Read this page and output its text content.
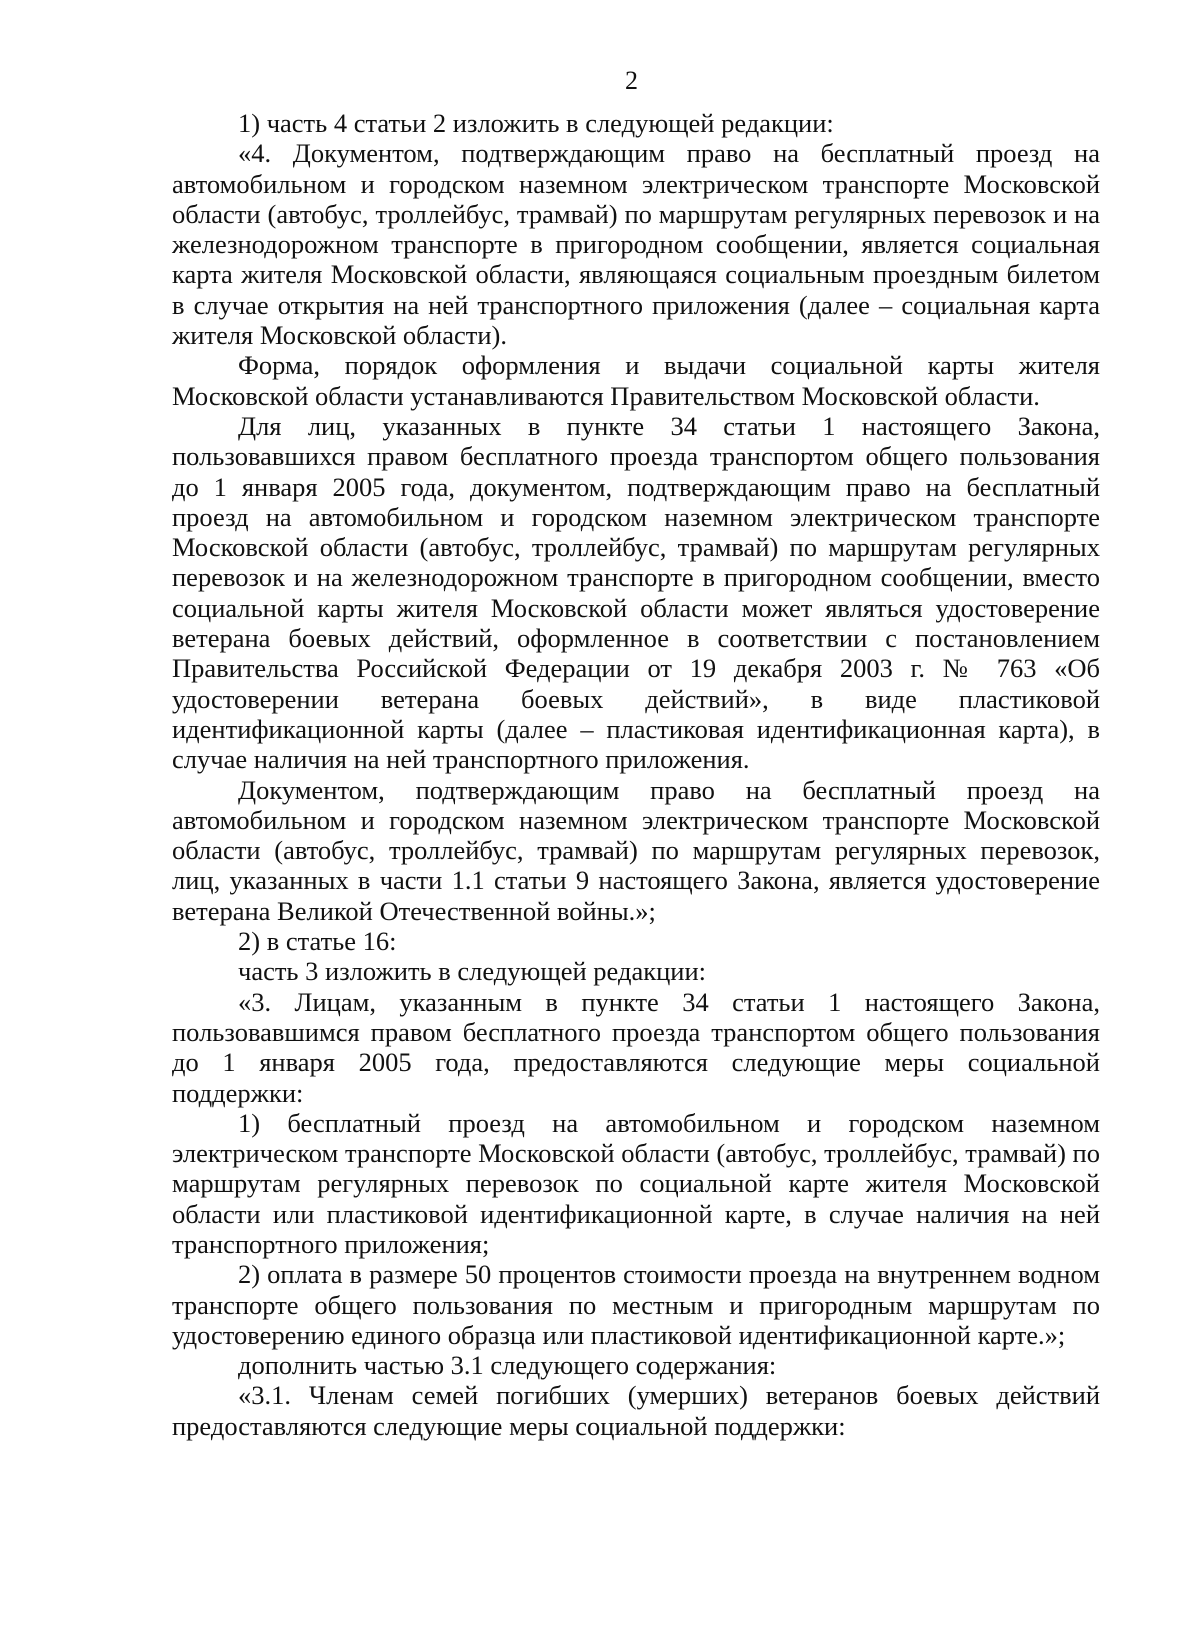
2

1) часть 4 статьи 2 изложить в следующей редакции:

«4. Документом, подтверждающим право на бесплатный проезд на автомобильном и городском наземном электрическом транспорте Московской области (автобус, троллейбус, трамвай) по маршрутам регулярных перевозок и на железнодорожном транспорте в пригородном сообщении, является социальная карта жителя Московской области, являющаяся социальным проездным билетом в случае открытия на ней транспортного приложения (далее – социальная карта жителя Московской области).

Форма, порядок оформления и выдачи социальной карты жителя Московской области устанавливаются Правительством Московской области.

Для лиц, указанных в пункте 34 статьи 1 настоящего Закона, пользовавшихся правом бесплатного проезда транспортом общего пользования до 1 января 2005 года, документом, подтверждающим право на бесплатный проезд на автомобильном и городском наземном электрическом транспорте Московской области (автобус, троллейбус, трамвай) по маршрутам регулярных перевозок и на железнодорожном транспорте в пригородном сообщении, вместо социальной карты жителя Московской области может являться удостоверение ветерана боевых действий, оформленное в соответствии с постановлением Правительства Российской Федерации от 19 декабря 2003 г. № 763 «Об удостоверении ветерана боевых действий», в виде пластиковой идентификационной карты (далее – пластиковая идентификационная карта), в случае наличия на ней транспортного приложения.

Документом, подтверждающим право на бесплатный проезд на автомобильном и городском наземном электрическом транспорте Московской области (автобус, троллейбус, трамвай) по маршрутам регулярных перевозок, лиц, указанных в части 1.1 статьи 9 настоящего Закона, является удостоверение ветерана Великой Отечественной войны.»;

2) в статье 16:

часть 3 изложить в следующей редакции:

«3. Лицам, указанным в пункте 34 статьи 1 настоящего Закона, пользовавшимся правом бесплатного проезда транспортом общего пользования до 1 января 2005 года, предоставляются следующие меры социальной поддержки:

1) бесплатный проезд на автомобильном и городском наземном электрическом транспорте Московской области (автобус, троллейбус, трамвай) по маршрутам регулярных перевозок по социальной карте жителя Московской области или пластиковой идентификационной карте, в случае наличия на ней транспортного приложения;

2) оплата в размере 50 процентов стоимости проезда на внутреннем водном транспорте общего пользования по местным и пригородным маршрутам по удостоверению единого образца или пластиковой идентификационной карте.»;

дополнить частью 3.1 следующего содержания:

«3.1. Членам семей погибших (умерших) ветеранов боевых действий предоставляются следующие меры социальной поддержки:
